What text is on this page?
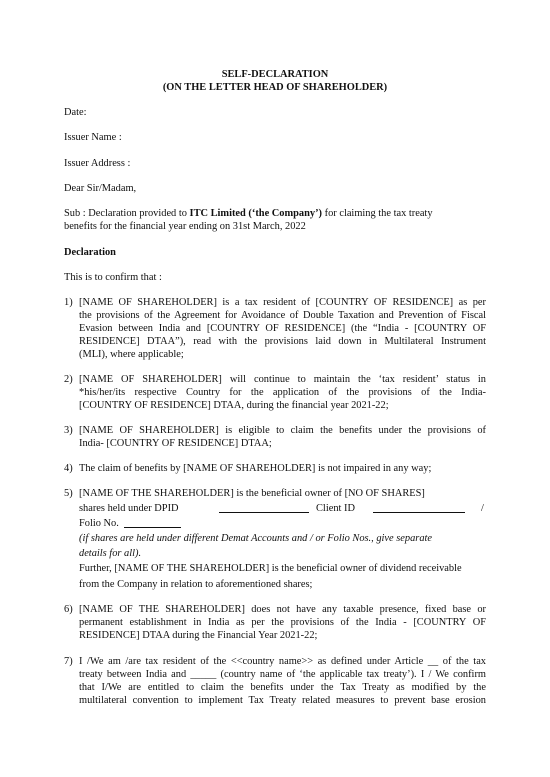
SELF-DECLARATION
(ON THE LETTER HEAD OF SHAREHOLDER)
Date:
Issuer Name :
Issuer Address :
Dear Sir/Madam,
Sub : Declaration provided to ITC Limited (‘the Company’) for claiming the tax treaty
benefits for the financial year ending on 31st March, 2022
Declaration
This is to confirm that :
1) [NAME OF SHAREHOLDER] is a tax resident of [COUNTRY OF RESIDENCE] as per
the provisions of the Agreement for Avoidance of Double Taxation and Prevention of Fiscal
Evasion between India and [COUNTRY OF RESIDENCE] (the “India - [COUNTRY OF
RESIDENCE] DTAA”), read with the provisions laid down in Multilateral Instrument
(MLI), where applicable;
2) [NAME OF SHAREHOLDER] will continue to maintain the ‘tax resident’ status in
*his/her/its respective Country for the application of the provisions of the India-
[COUNTRY OF RESIDENCE] DTAA, during the financial year 2021-22;
3) [NAME OF SHAREHOLDER] is eligible to claim the benefits under the provisions of
India- [COUNTRY OF RESIDENCE] DTAA;
4) The claim of benefits by [NAME OF SHAREHOLDER] is not impaired in any way;
5) [NAME OF THE SHAREHOLDER] is the beneficial owner of [NO OF SHARES]
shares held under DPID	Client ID	/
Folio No.
(if shares are held under different Demat Accounts and / or Folio Nos., give separate
details for all).
Further, [NAME OF THE SHAREHOLDER] is the beneficial owner of dividend receivable
from the Company in relation to aforementioned shares;
6) [NAME OF THE SHAREHOLDER] does not have any taxable presence, fixed base or
permanent establishment in India as per the provisions of the India - [COUNTRY OF
RESIDENCE] DTAA during the Financial Year 2021-22;
7) I /We am /are tax resident of the <<country name>> as defined under Article __ of the tax
treaty between India and _____ (country name of ‘the applicable tax treaty’). I / We confirm
that I/We are entitled to claim the benefits under the Tax Treaty as modified by the
multilateral convention to implement Tax Treaty related measures to prevent base erosion
